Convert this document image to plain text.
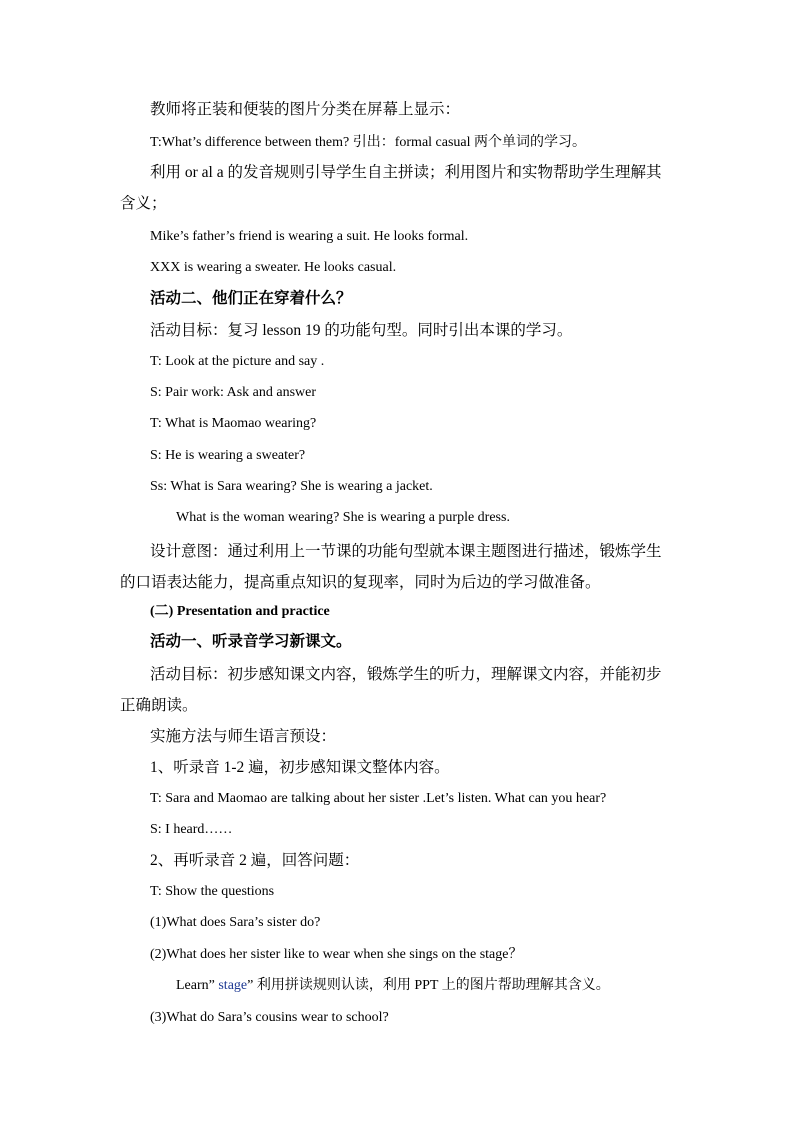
教师将正装和便装的图片分类在屏幕上显示：
T:What’s difference between them? 引出：formal casual 两个单词的学习。
利用 or al a 的发音规则引导学生自主拼读；利用图片和实物帮助学生理解其含义；
Mike’s father’s friend is wearing a suit. He looks formal.
XXX is wearing a sweater. He looks casual.
活动二、他们正在穿着什么？
活动目标：复习 lesson 19 的功能句型。同时引出本课的学习。
T: Look at the picture and say .
S: Pair work: Ask and answer
T: What is Maomao wearing?
S: He is wearing a sweater?
Ss: What is Sara wearing? She is wearing a jacket.
What is the woman wearing? She is wearing a purple dress.
设计意图：通过利用上一节课的功能句型就本课主题图进行描述，锻炼学生的口语表达能力，提高重点知识的复现率，同时为后边的学习做准备。
(二) Presentation and practice
活动一、听录音学习新课文。
活动目标：初步感知课文内容，锻炼学生的听力，理解课文内容，并能初步正确朗读。
实施方法与师生语言预设：
1、听录音 1-2 遍，初步感知课文整体内容。
T: Sara and Maomao are talking about her sister .Let’s listen. What can you hear?
S: I heard……
2、再听录音 2 遍，回答问题：
T: Show the questions
(1)What does Sara’s sister do?
(2)What does her sister like to wear when she sings on the stage？
Learn” stage” 利用拼读规则认读，利用 PPT 上的图片帮助理解其含义。
(3)What do Sara’s cousins wear to school?
